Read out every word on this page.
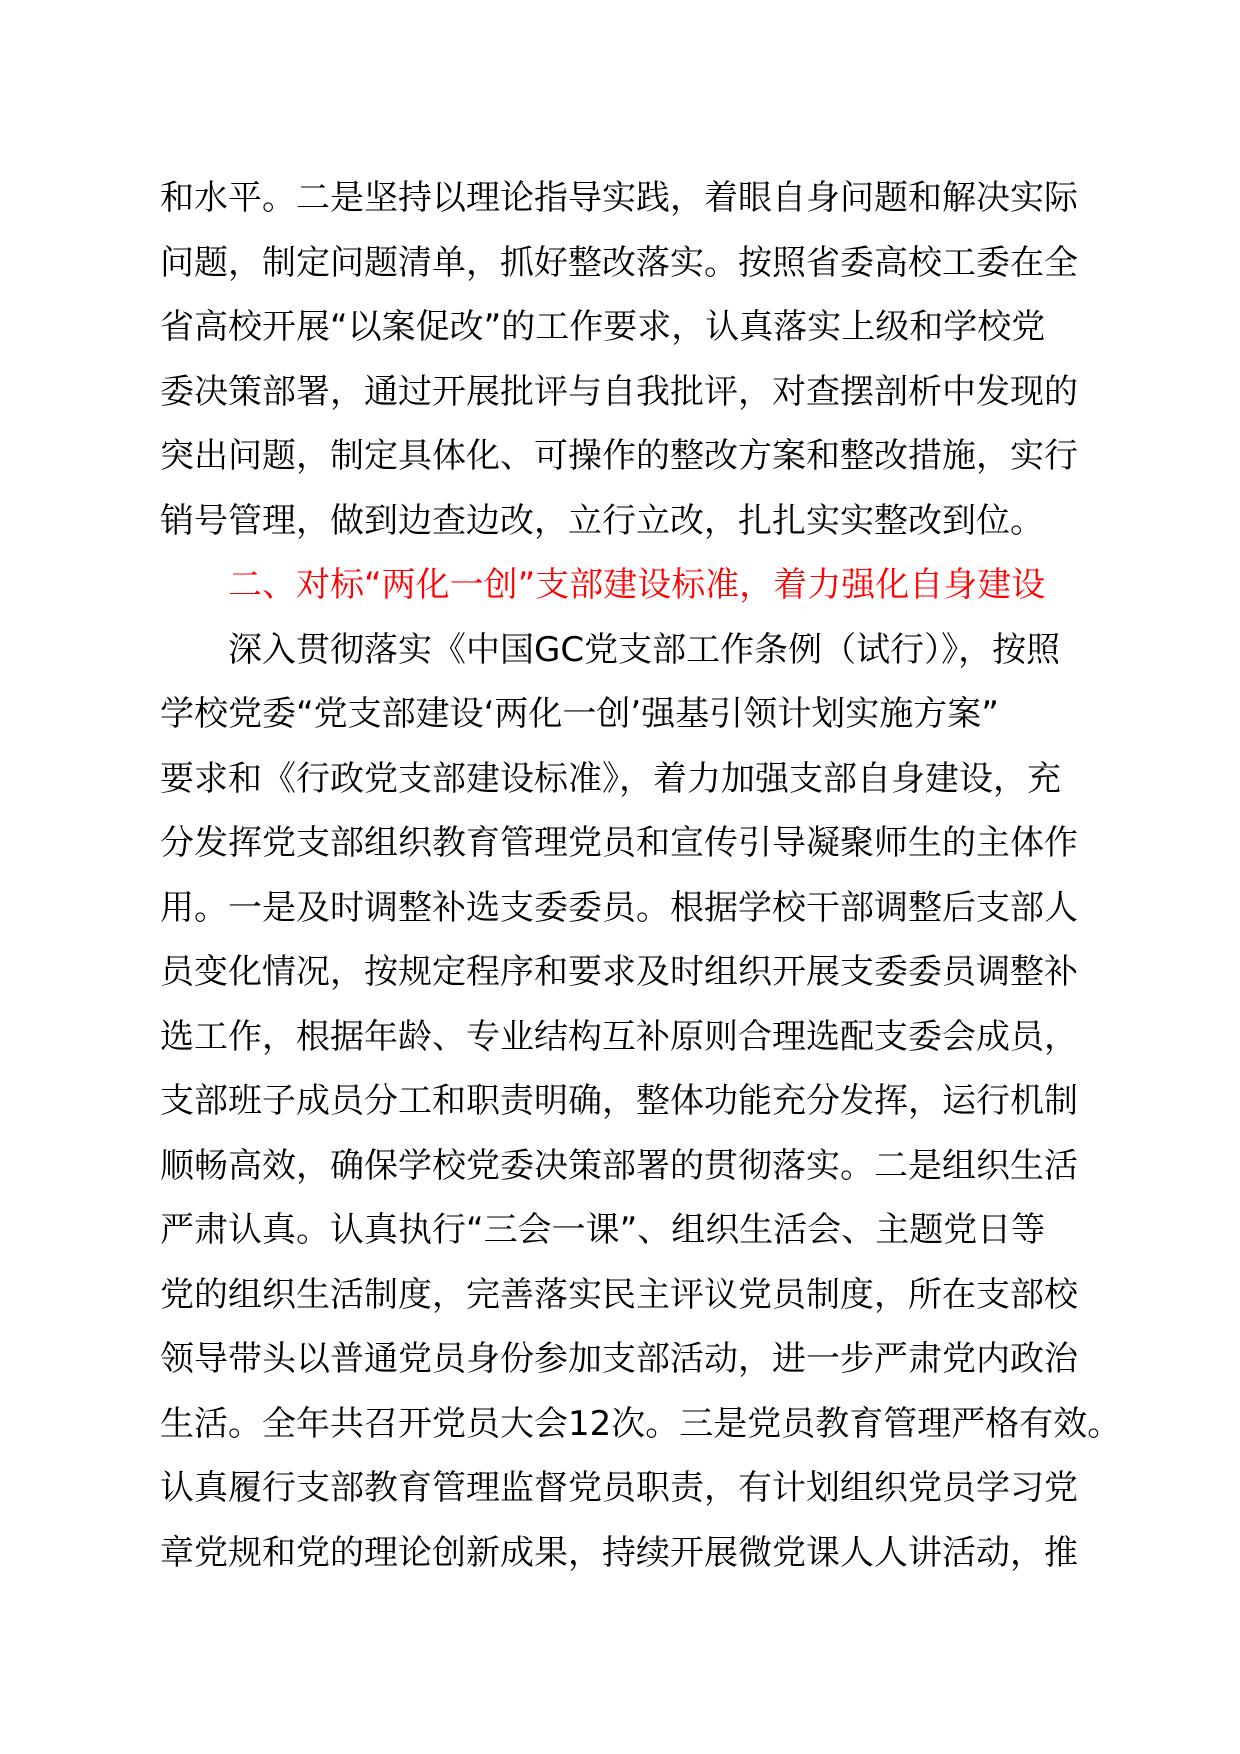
和水平。二是坚持以理论指导实践，着眼自身问题和解决实际
问题，制定问题清单，抓好整改落实。按照省委高校工委在全
省高校开展“以案促改”的工作要求，认真落实上级和学校党
委决策部署，通过开展批评与自我批评，对查摆剖析中发现的
突出问题，制定具体化、可操作的整改方案和整改措施，实行
销号管理，做到边查边改，立行立改，扎扎实实整改到位。
二、对标“两化一创”支部建设标准，着力强化自身建设
深入贯彻落实《中国GC党支部工作条例（试行）》，按照
学校党委“党支部建设‘两化一创’强基引领计划实施方案”
要求和《行政党支部建设标准》，着力加强支部自身建设，充
分发挥党支部组织教育管理党员和宣传引导凝聚师生的主体作
用。一是及时调整补选支委委员。根据学校干部调整后支部人
员变化情况，按规定程序和要求及时组织开展支委委员调整补
选工作，根据年龄、专业结构互补原则合理选配支委会成员，
支部班子成员分工和职责明确，整体功能充分发挥，运行机制
顺畅高效，确保学校党委决策部署的贯彻落实。二是组织生活
严肃认真。认真执行“三会一课”、组织生活会、主题党日等
党的组织生活制度，完善落实民主评议党员制度，所在支部校
领导带头以普通党员身份参加支部活动，进一步严肃党内政治
生活。全年共召开党员大会12次。三是党员教育管理严格有效。
认真履行支部教育管理监督党员职责，有计划组织党员学习党
章党规和党的理论创新成果，持续开展微党课人人讲活动，推
